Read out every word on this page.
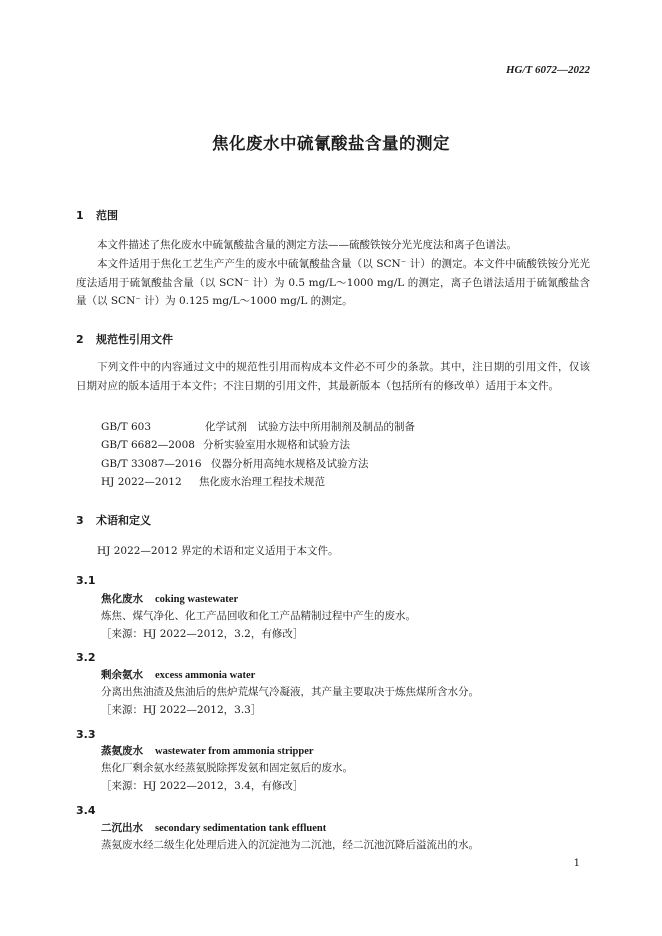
HG/T 6072—2022
焦化废水中硫氰酸盐含量的测定
1 范围
本文件描述了焦化废水中硫氰酸盐含量的测定方法——硫酸铁铵分光光度法和离子色谱法。
本文件适用于焦化工艺生产产生的废水中硫氰酸盐含量（以 SCN⁻ 计）的测定。本文件中硫酸铁铵分光光度法适用于硫氰酸盐含量（以 SCN⁻ 计）为 0.5 mg/L～1000 mg/L 的测定，离子色谱法适用于硫氰酸盐含量（以 SCN⁻ 计）为 0.125 mg/L～1000 mg/L 的测定。
2 规范性引用文件
下列文件中的内容通过文中的规范性引用而构成本文件必不可少的条款。其中，注日期的引用文件，仅该日期对应的版本适用于本文件；不注日期的引用文件，其最新版本（包括所有的修改单）适用于本文件。
GB/T 603	化学试剂　试验方法中所用制剂及制品的制备
GB/T 6682—2008 分析实验室用水规格和试验方法
GB/T 33087—2016 仪器分析用高纯水规格及试验方法
HJ 2022—2012 焦化废水治理工程技术规范
3 术语和定义
HJ 2022—2012 界定的术语和定义适用于本文件。
3.1
焦化废水 coking wastewater
炼焦、煤气净化、化工产品回收和化工产品精制过程中产生的废水。
［来源：HJ 2022—2012，3.2，有修改］
3.2
剩余氨水 excess ammonia water
分离出焦油渣及焦油后的焦炉荒煤气冷凝液，其产量主要取决于炼焦煤所含水分。
［来源：HJ 2022—2012，3.3］
3.3
蒸氨废水 wastewater from ammonia stripper
焦化厂剩余氨水经蒸氨脱除挥发氨和固定氨后的废水。
［来源：HJ 2022—2012，3.4，有修改］
3.4
二沉出水 secondary sedimentation tank effluent
蒸氨废水经二级生化处理后进入的沉淀池为二沉池，经二沉池沉降后溢流出的水。
1
